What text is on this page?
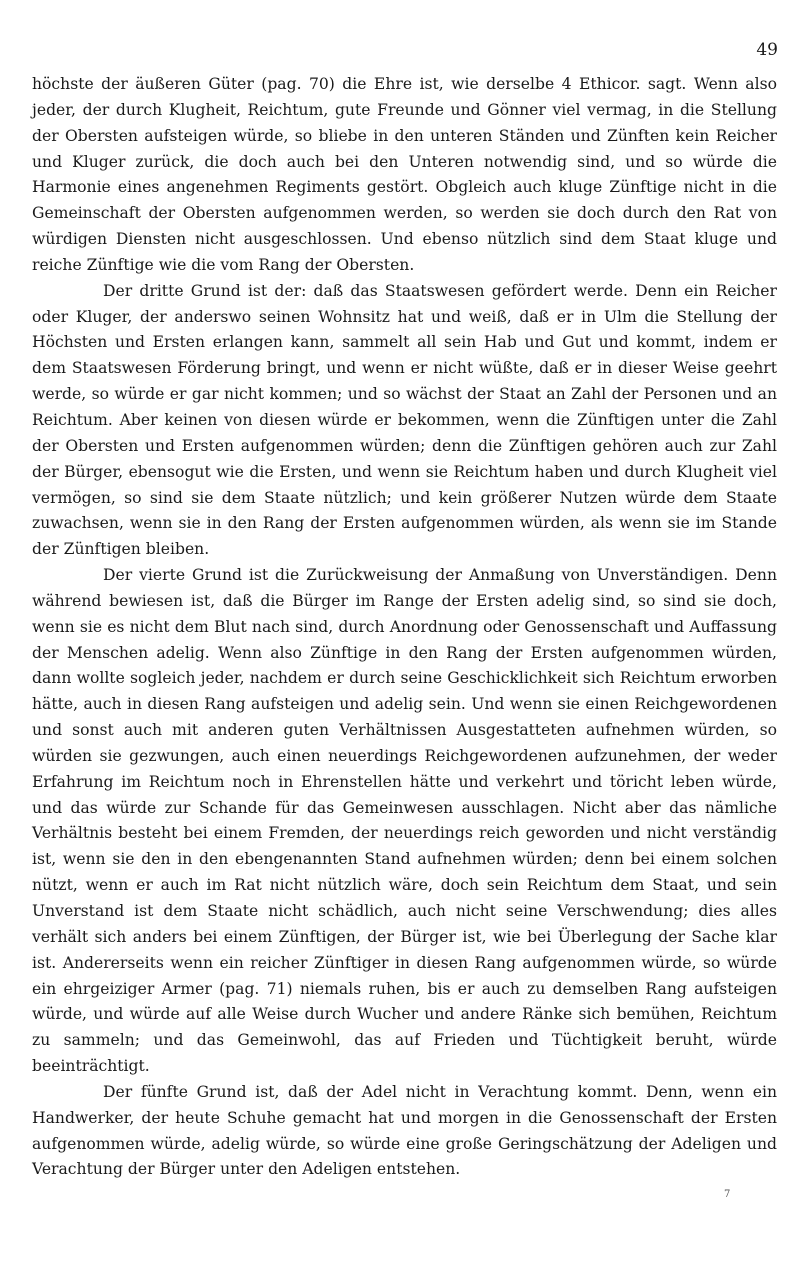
49

höchste der äußeren Güter (pag. 70) die Ehre ist, wie derselbe 4 Ethicor. sagt. Wenn also jeder, der durch Klugheit, Reichtum, gute Freunde und Gönner viel vermag, in die Stellung der Obersten aufsteigen würde, so bliebe in den unteren Ständen und Zünften kein Reicher und Kluger zurück, die doch auch bei den Unteren notwendig sind, und so würde die Harmonie eines angenehmen Regiments gestört. Obgleich auch kluge Zünftige nicht in die Gemeinschaft der Obersten aufgenommen werden, so werden sie doch durch den Rat von würdigen Diensten nicht ausgeschlossen. Und ebenso nützlich sind dem Staat kluge und reiche Zünftige wie die vom Rang der Obersten.

Der dritte Grund ist der: daß das Staatswesen gefördert werde. Denn ein Reicher oder Kluger, der anderswo seinen Wohnsitz hat und weiß, daß er in Ulm die Stellung der Höchsten und Ersten erlangen kann, sammelt all sein Hab und Gut und kommt, indem er dem Staatswesen Förderung bringt, und wenn er nicht wüßte, daß er in dieser Weise geehrt werde, so würde er gar nicht kommen; und so wächst der Staat an Zahl der Personen und an Reichtum. Aber keinen von diesen würde er bekommen, wenn die Zünftigen unter die Zahl der Obersten und Ersten aufgenommen würden; denn die Zünftigen gehören auch zur Zahl der Bürger, ebensogut wie die Ersten, und wenn sie Reichtum haben und durch Klugheit viel vermögen, so sind sie dem Staate nützlich; und kein größerer Nutzen würde dem Staate zuwachsen, wenn sie in den Rang der Ersten aufgenommen würden, als wenn sie im Stande der Zünftigen bleiben.

Der vierte Grund ist die Zurückweisung der Anmaßung von Unverständigen. Denn während bewiesen ist, daß die Bürger im Range der Ersten adelig sind, so sind sie doch, wenn sie es nicht dem Blut nach sind, durch Anordnung oder Genossenschaft und Auffassung der Menschen adelig. Wenn also Zünftige in den Rang der Ersten aufgenommen würden, dann wollte sogleich jeder, nachdem er durch seine Geschicklichkeit sich Reichtum erworben hätte, auch in diesen Rang aufsteigen und adelig sein. Und wenn sie einen Reichgewordenen und sonst auch mit anderen guten Verhältnissen Ausgestatteten aufnehmen würden, so würden sie gezwungen, auch einen neuerdings Reichgewordenen aufzunehmen, der weder Erfahrung im Reichtum noch in Ehrenstellen hätte und verkehrt und töricht leben würde, und das würde zur Schande für das Gemeinwesen ausschlagen. Nicht aber das nämliche Verhältnis besteht bei einem Fremden, der neuerdings reich geworden und nicht verständig ist, wenn sie den in den ebengenannten Stand aufnehmen würden; denn bei einem solchen nützt, wenn er auch im Rat nicht nützlich wäre, doch sein Reichtum dem Staat, und sein Unverstand ist dem Staate nicht schädlich, auch nicht seine Verschwendung; dies alles verhält sich anders bei einem Zünftigen, der Bürger ist, wie bei Überlegung der Sache klar ist. Andererseits wenn ein reicher Zünftiger in diesen Rang aufgenommen würde, so würde ein ehrgeiziger Armer (pag. 71) niemals ruhen, bis er auch zu demselben Rang aufsteigen würde, und würde auf alle Weise durch Wucher und andere Ränke sich bemühen, Reichtum zu sammeln; und das Gemeinwohl, das auf Frieden und Tüchtigkeit beruht, würde beeinträchtigt.

Der fünfte Grund ist, daß der Adel nicht in Verachtung kommt. Denn, wenn ein Handwerker, der heute Schuhe gemacht hat und morgen in die Genossenschaft der Ersten aufgenommen würde, adelig würde, so würde eine große Geringschätzung der Adeligen und Verachtung der Bürger unter den Adeligen entstehen.

7
